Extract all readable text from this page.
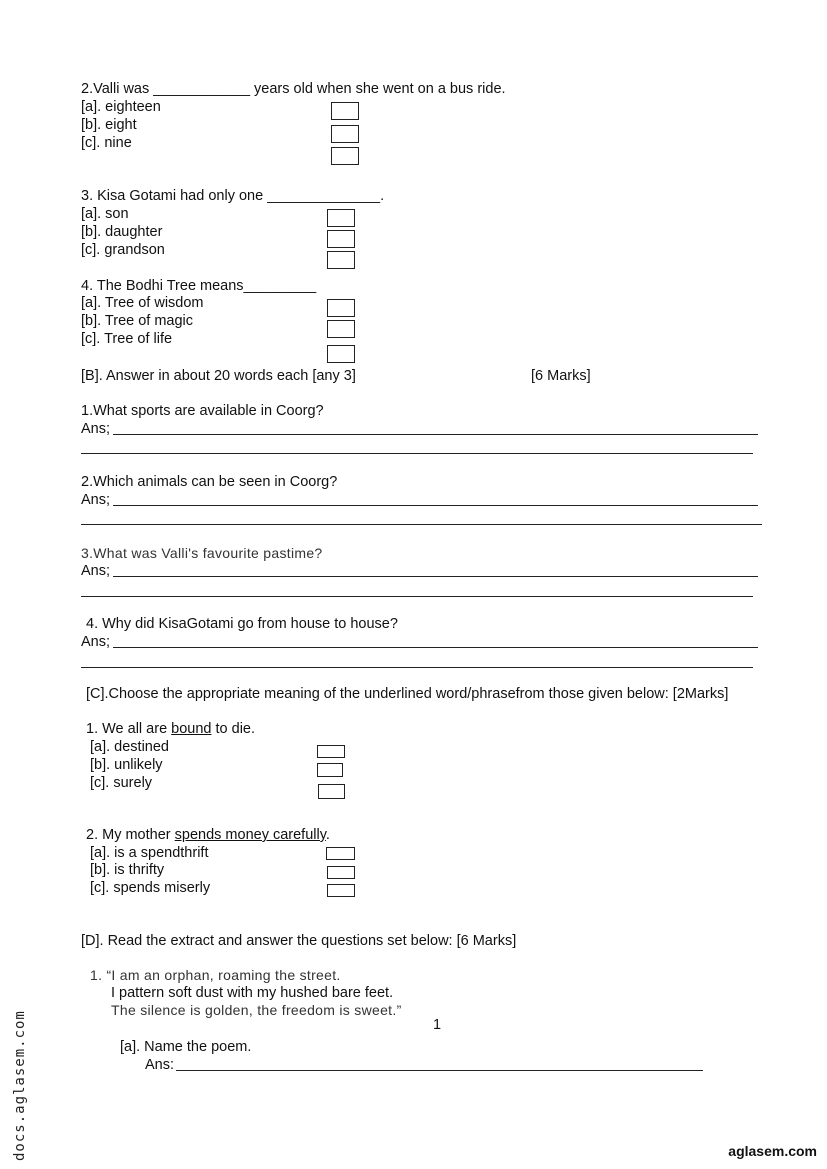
2.Valli was ____________ years old when she went on a bus ride.
[a]. eighteen
[b]. eight
[c]. nine
3. Kisa Gotami had only one ______________.
[a]. son
[b]. daughter
[c]. grandson
4. The Bodhi Tree means_________
[a]. Tree of wisdom
[b]. Tree of magic
[c]. Tree of life
[B]. Answer in about 20 words each [any 3]	[6 Marks]
1.What sports are available in Coorg?
Ans;
2.Which animals can be seen in Coorg?
Ans;
3.What was Valli's favourite pastime?
Ans;
4. Why did KisaGotami go from house to house?
Ans;
[C].Choose the appropriate meaning of the underlined word/phrasefrom those given below: [2Marks]
1. We all are bound to die.
[a]. destined
[b]. unlikely
[c]. surely
2. My mother spends money carefully.
[a]. is a spendthrift
[b]. is thrifty
[c]. spends miserly
[D]. Read the extract and answer the questions set below: [6 Marks]
1. “I am an orphan, roaming the street.
I pattern soft dust with my hushed bare feet.
The silence is golden, the freedom is sweet.”
1
[a]. Name the poem.
Ans:
docs.aglasem.com	aglasem.com
